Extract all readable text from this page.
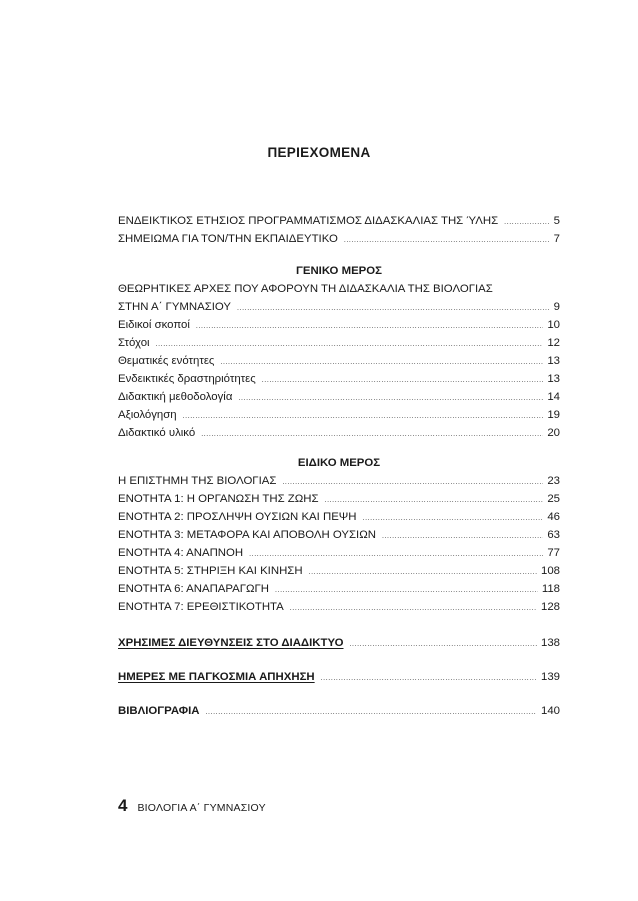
ΠΕΡΙΕΧΟΜΕΝΑ
ΕΝΔΕΙΚΤΙΚΟΣ ΕΤΗΣΙΟΣ ΠΡΟΓΡΑΜΜΑΤΙΣΜΟΣ ΔΙΔΑΣΚΑΛΙΑΣ ΤΗΣ ΎΛΗΣ .....	5
ΣΗΜΕΙΩΜΑ ΓΙΑ ΤΟΝ/ΤΗΝ ΕΚΠΑΙΔΕΥΤΙΚΟ .....	7
ΓΕΝΙΚΟ ΜΕΡΟΣ
ΘΕΩΡΗΤΙΚΕΣ ΑΡΧΕΣ ΠΟΥ ΑΦΟΡΟΥΝ ΤΗ ΔΙΔΑΣΚΑΛΙΑ ΤΗΣ ΒΙΟΛΟΓΙΑΣ
ΣΤΗΝ Α΄ ΓΥΜΝΑΣΙΟΥ .....	9
Ειδικοί σκοποί .....	10
Στόχοι .....	12
Θεματικές ενότητες .....	13
Ενδεικτικές δραστηριότητες .....	13
Διδακτική μεθοδολογία .....	14
Αξιολόγηση .....	19
Διδακτικό υλικό .....	20
ΕΙΔΙΚΟ ΜΕΡΟΣ
Η ΕΠΙΣΤΗΜΗ ΤΗΣ ΒΙΟΛΟΓΙΑΣ .....	23
ΕΝΟΤΗΤΑ 1: Η ΟΡΓΑΝΩΣΗ ΤΗΣ ΖΩΗΣ .....	25
ΕΝΟΤΗΤΑ 2: ΠΡΟΣΛΗΨΗ ΟΥΣΙΩΝ ΚΑΙ ΠΕΨΗ .....	46
ΕΝΟΤΗΤΑ 3: ΜΕΤΑΦΟΡΑ ΚΑΙ ΑΠΟΒΟΛΗ ΟΥΣΙΩΝ .....	63
ΕΝΟΤΗΤΑ 4: ΑΝΑΠΝΟΗ .....	77
ΕΝΟΤΗΤΑ 5: ΣΤΗΡΙΞΗ ΚΑΙ ΚΙΝΗΣΗ .....	108
ΕΝΟΤΗΤΑ 6: ΑΝΑΠΑΡΑΓΩΓΗ .....	118
ΕΝΟΤΗΤΑ 7: ΕΡΕΘΙΣΤΙΚΟΤΗΤΑ .....	128
ΧΡΗΣΙΜΕΣ ΔΙΕΥΘΥΝΣΕΙΣ ΣΤΟ ΔΙΑΔΙΚΤΥΟ .....	138
ΗΜΕΡΕΣ ΜΕ ΠΑΓΚΟΣΜΙΑ ΑΠΗΧΗΣΗ .....	139
ΒΙΒΛΙΟΓΡΑΦΙΑ .....	140
4 ΒΙΟΛΟΓΙΑ Α΄ ΓΥΜΝΑΣΙΟΥ
